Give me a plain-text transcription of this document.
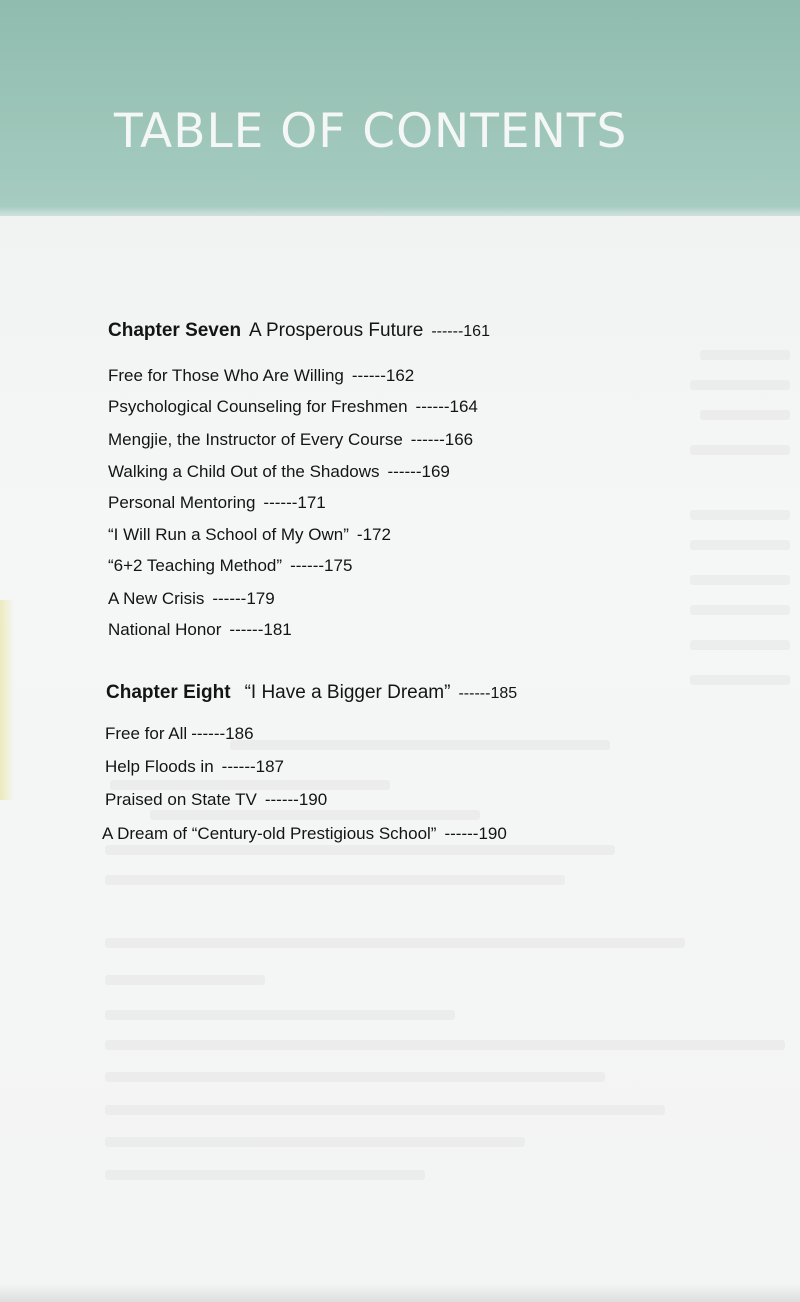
TABLE OF CONTENTS
Chapter Seven A Prosperous Future ------161
Free for Those Who Are Willing ------162
Psychological Counseling for Freshmen ------164
Mengjie, the Instructor of Every Course ------166
Walking a Child Out of the Shadows ------169
Personal Mentoring ------171
“I Will Run a School of My Own” -172
“6+2 Teaching Method” ------175
A New Crisis ------179
National Honor ------181
Chapter Eight “I Have a Bigger Dream” ------185
Free for All ------186
Help Floods in ------187
Praised on State TV ------190
A Dream of “Century-old Prestigious School” ------190
